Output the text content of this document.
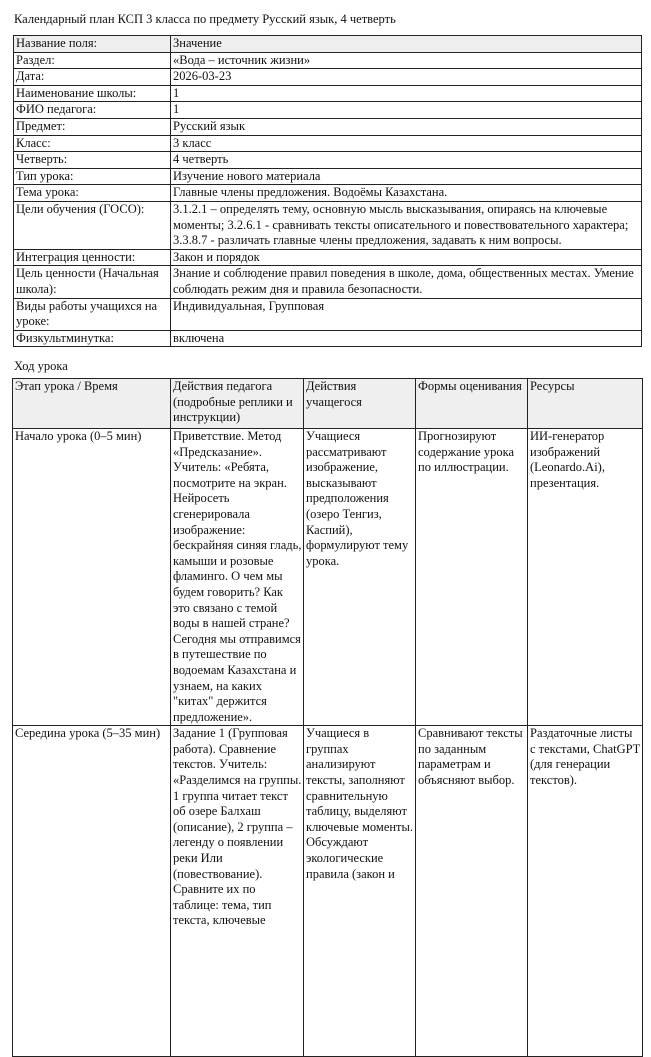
Календарный план КСП 3 класса по предмету Русский язык, 4 четверть
Название поля:	Значение
Раздел:	«Вода – источник жизни»
Дата:	2026-03-23
Наименование школы:	1
ФИО педагога:	1
Предмет:	Русский язык
Класс:	3 класс
Четверть:	4 четверть
Тип урока:	Изучение нового материала
Тема урока:	Главные члены предложения. Водоёмы Казахстана.
Цели обучения (ГОСО):	3.1.2.1 – определять тему, основную мысль высказывания, опираясь на ключевые моменты; 3.2.6.1 - сравнивать тексты описательного и повествовательного характера; 3.3.8.7 - различать главные члены предложения, задавать к ним вопросы.
Интеграция ценности:	Закон и порядок
Цель ценности (Начальная школа):	Знание и соблюдение правил поведения в школе, дома, общественных местах. Умение соблюдать режим дня и правила безопасности.
Виды работы учащихся на уроке:	Индивидуальная, Групповая
Физкультминутка:	включена
Ход урока
Этап урока / Время	Действия педагога (подробные реплики и инструкции)	Действия учащегося	Формы оценивания	Ресурсы
Начало урока (0–5 мин)	Приветствие. Метод «Предсказание». Учитель: «Ребята, посмотрите на экран. Нейросеть сгенерировала изображение: бескрайняя синяя гладь, камыши и розовые фламинго. О чем мы будем говорить? Как это связано с темой воды в нашей стране? Сегодня мы отправимся в путешествие по водоемам Казахстана и узнаем, на каких "китах" держится предложение».	Учащиеся рассматривают изображение, высказывают предположения (озеро Тенгиз, Каспий), формулируют тему урока.	Прогнозируют содержание урока по иллюстрации.	ИИ-генератор изображений (Leonardo.Ai), презентация.
Середина урока (5–35 мин)	Задание 1 (Групповая работа). Сравнение текстов. Учитель: «Разделимся на группы. 1 группа читает текст об озере Балхаш (описание), 2 группа – легенду о появлении реки Или (повествование). Сравните их по таблице: тема, тип текста, ключевые	Учащиеся в группах анализируют тексты, заполняют сравнительную таблицу, выделяют ключевые моменты. Обсуждают экологические правила (закон и	Сравнивают тексты по заданным параметрам и объясняют выбор.	Раздаточные листы с текстами, ChatGPT (для генерации текстов).
